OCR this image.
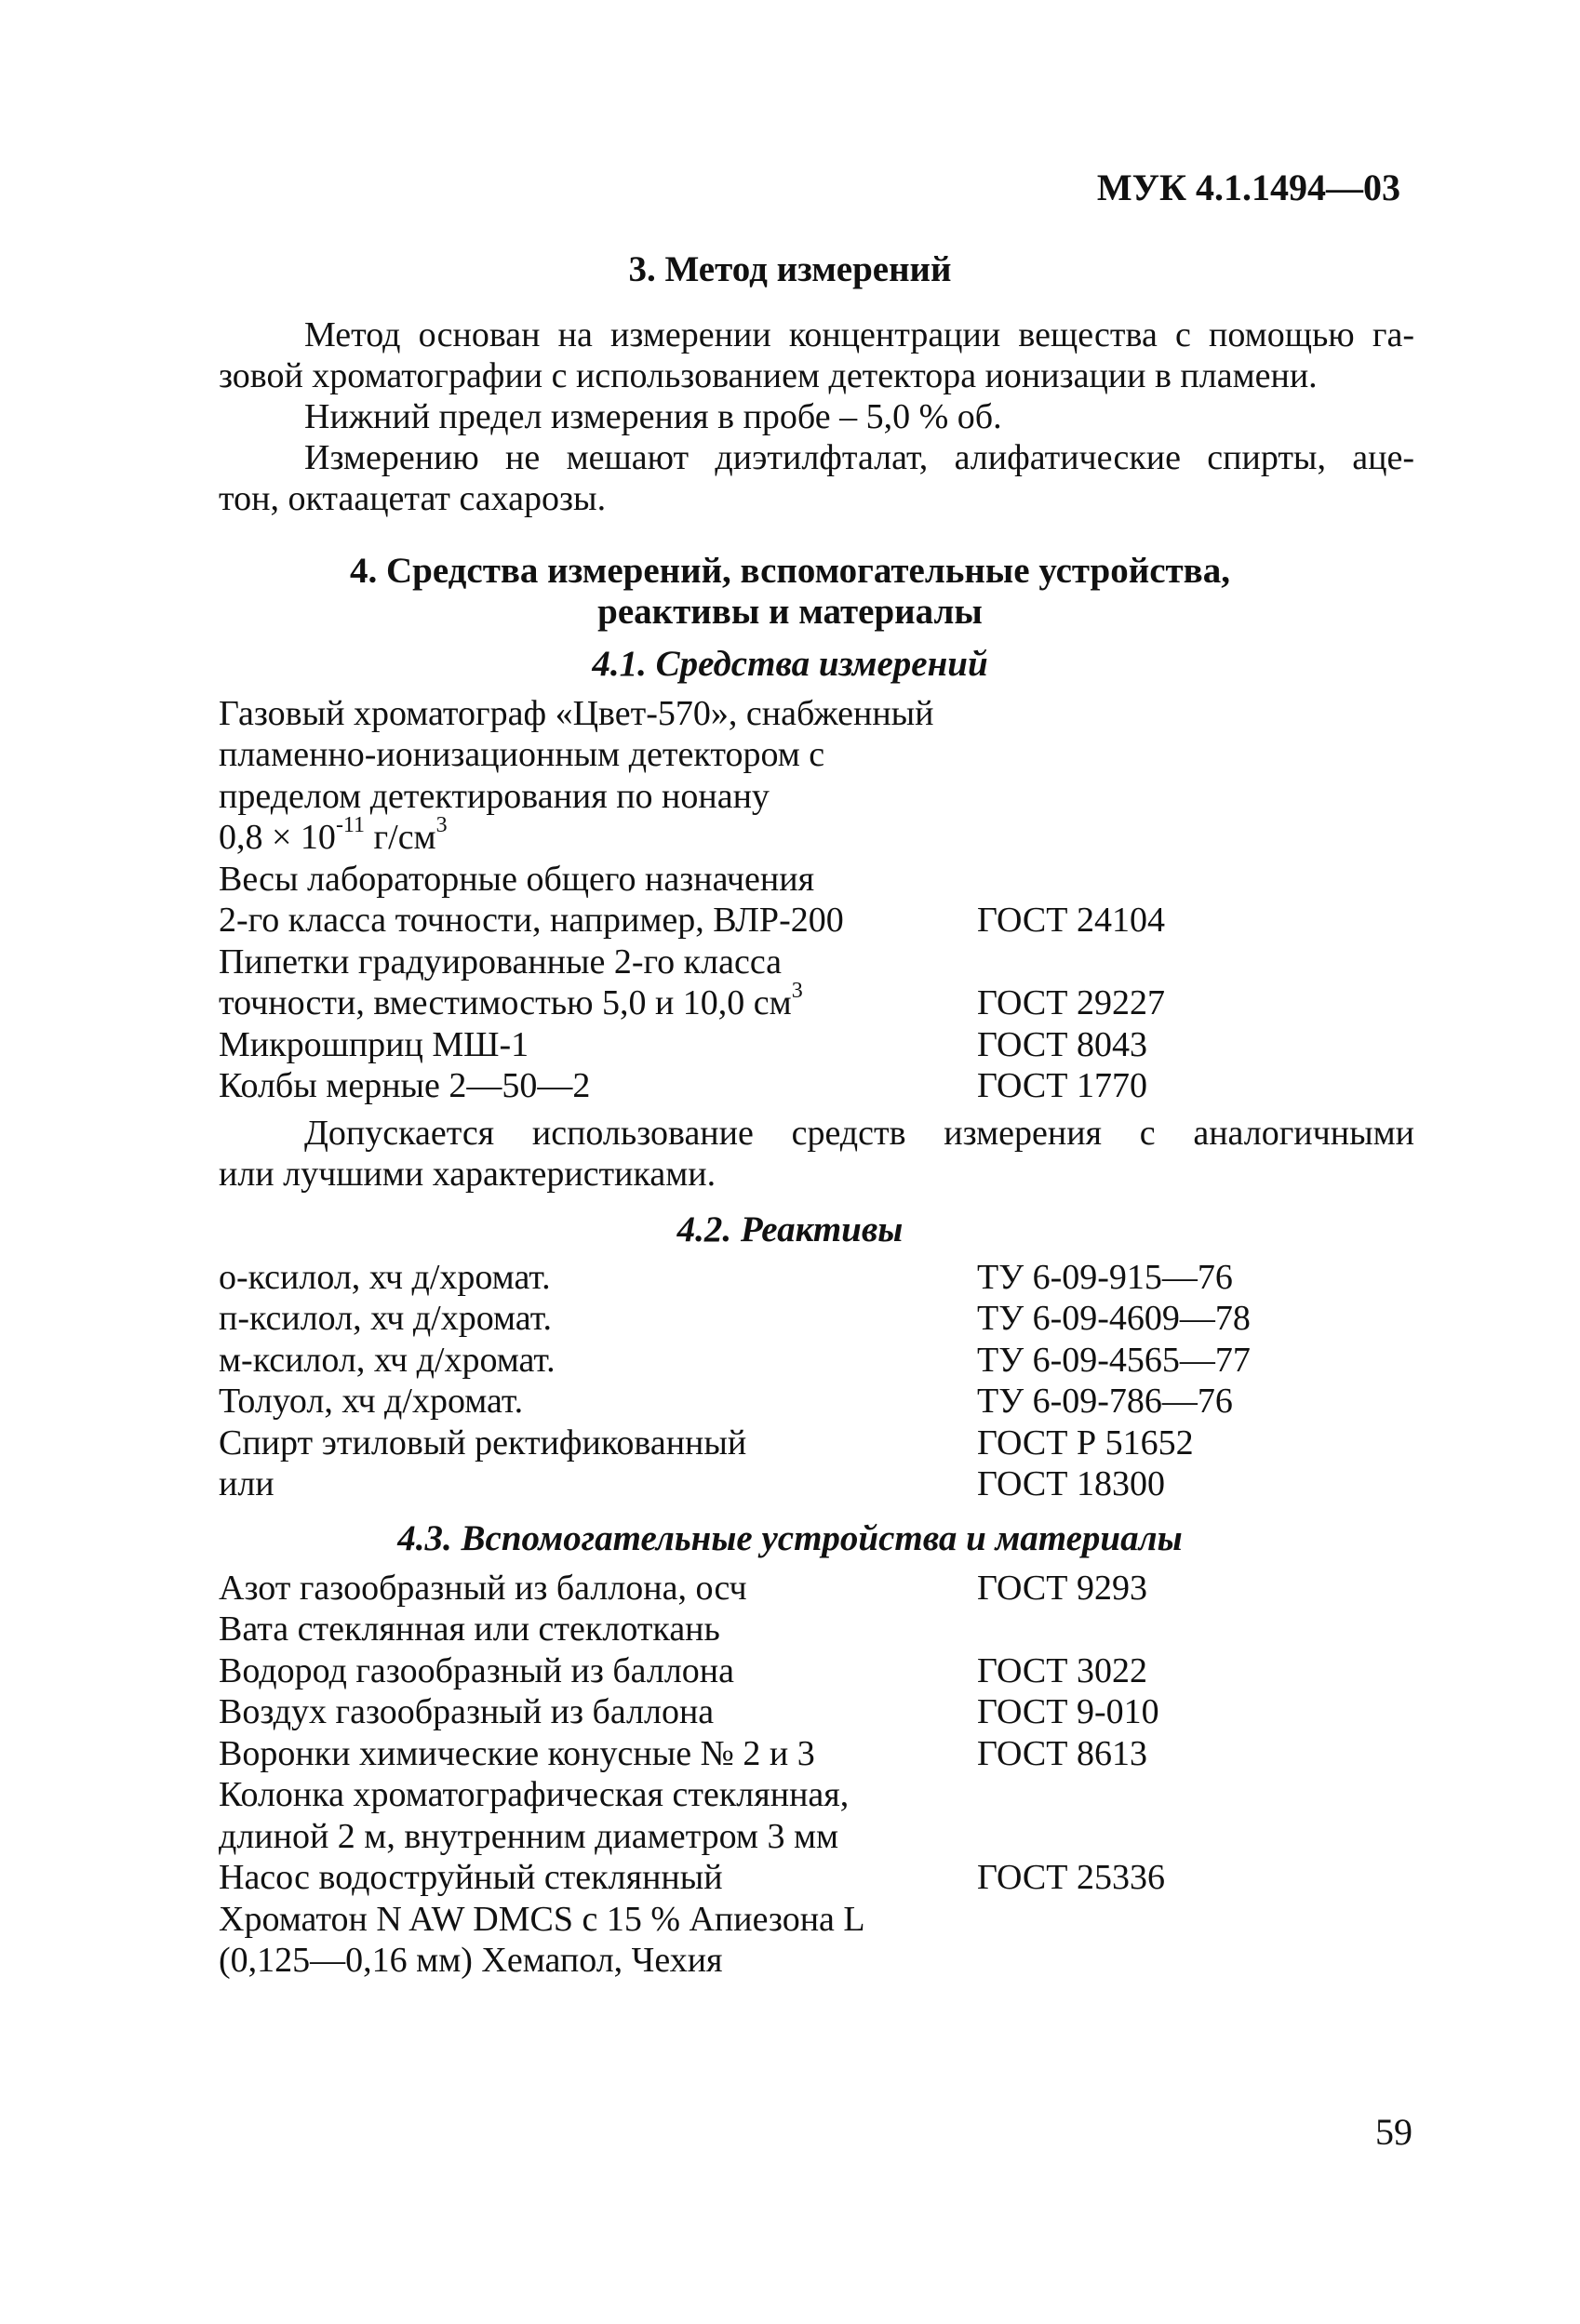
МУК 4.1.1494—03
3. Метод измерений
Метод основан на измерении концентрации вещества с помощью га-
зовой хроматографии с использованием детектора ионизации в пламени.
Нижний предел измерения в пробе – 5,0 % об.
Измерению не мешают диэтилфталат, алифатические спирты, аце-
тон, октаацетат сахарозы.
4. Средства измерений, вспомогательные устройства,
реактивы и материалы
4.1. Средства измерений
Газовый хроматограф «Цвет-570», снабженный
пламенно-ионизационным детектором с
пределом детектирования по нонану
$0,8 \times 10^{-11}$ $г/см^3$
Весы лабораторные общего назначения
2-го класса точности, например, ВЛР-200	ГОСТ 24104
Пипетки градуированные 2-го класса
точности, вместимостью 5,0 и 10,0 $см^3$	ГОСТ 29227
Микрошприц МШ-1	ГОСТ 8043
Колбы мерные 2—50—2	ГОСТ 1770
Допускается использование средств измерения с аналогичными
или лучшими характеристиками.
4.2. Реактивы
о-ксилол, хч д/хромат.	ТУ 6-09-915—76
п-ксилол, хч д/хромат.	ТУ 6-09-4609—78
м-ксилол, хч д/хромат.	ТУ 6-09-4565—77
Толуол, хч д/хромат.	ТУ 6-09-786—76
Спирт этиловый ректификованный	ГОСТ Р 51652
или	ГОСТ 18300
4.3. Вспомогательные устройства и материалы
Азот газообразный из баллона, осч	ГОСТ 9293
Вата стеклянная или стеклоткань
Водород газообразный из баллона	ГОСТ 3022
Воздух газообразный из баллона	ГОСТ 9-010
Воронки химические конусные № 2 и 3	ГОСТ 8613
Колонка хроматографическая стеклянная,
длиной 2 м, внутренним диаметром 3 мм
Насос водоструйный стеклянный	ГОСТ 25336
Хроматон N AW DMCS с 15 % Апиезона L
(0,125—0,16 мм) Хемапол, Чехия
59
